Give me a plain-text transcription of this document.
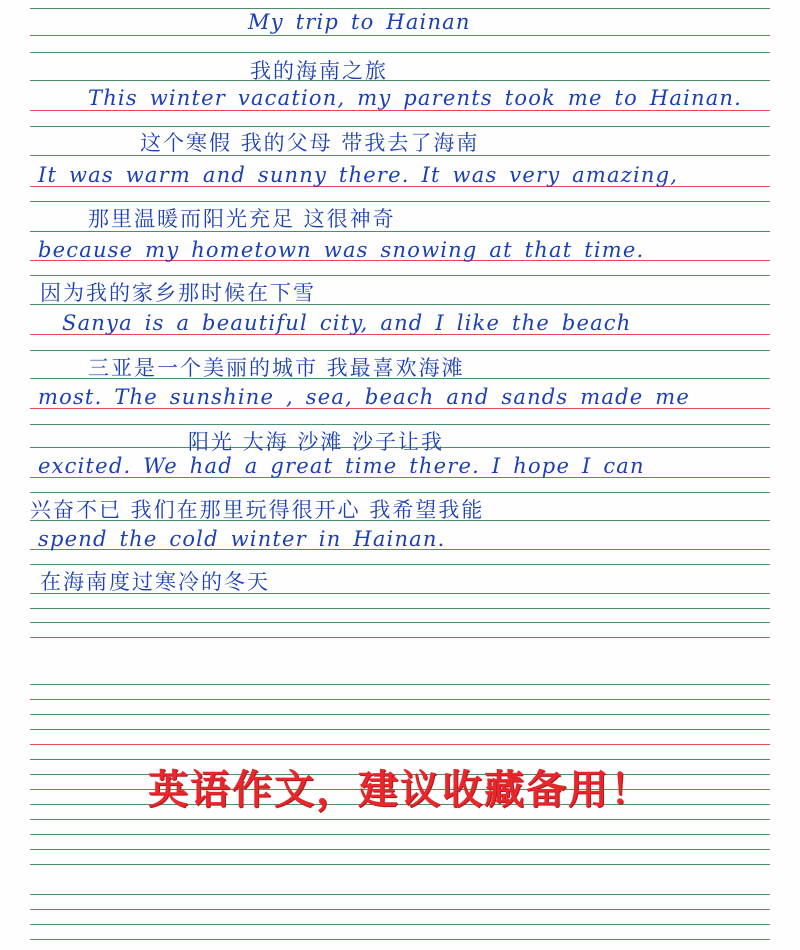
My trip to Hainan
我的海南之旅
This winter vacation, my parents took me to Hainan.
这个寒假 我的父母 带我去了海南
It was warm and sunny there. It was very amazing,
那里温暖而阳光充足 这很神奇
because my hometown was snowing at that time.
因为我的家乡那时候在下雪
Sanya is a beautiful city, and I like the beach
三亚是一个美丽的城市 我最喜欢海滩
most. The sunshine , sea, beach and sands made me
阳光 大海 沙滩 沙子让我
excited. We had a great time there. I hope I can
兴奋不已 我们在那里玩得很开心 我希望我能
spend the cold winter in Hainan.
在海南度过寒冷的冬天
英语作文，建议收藏备用！
